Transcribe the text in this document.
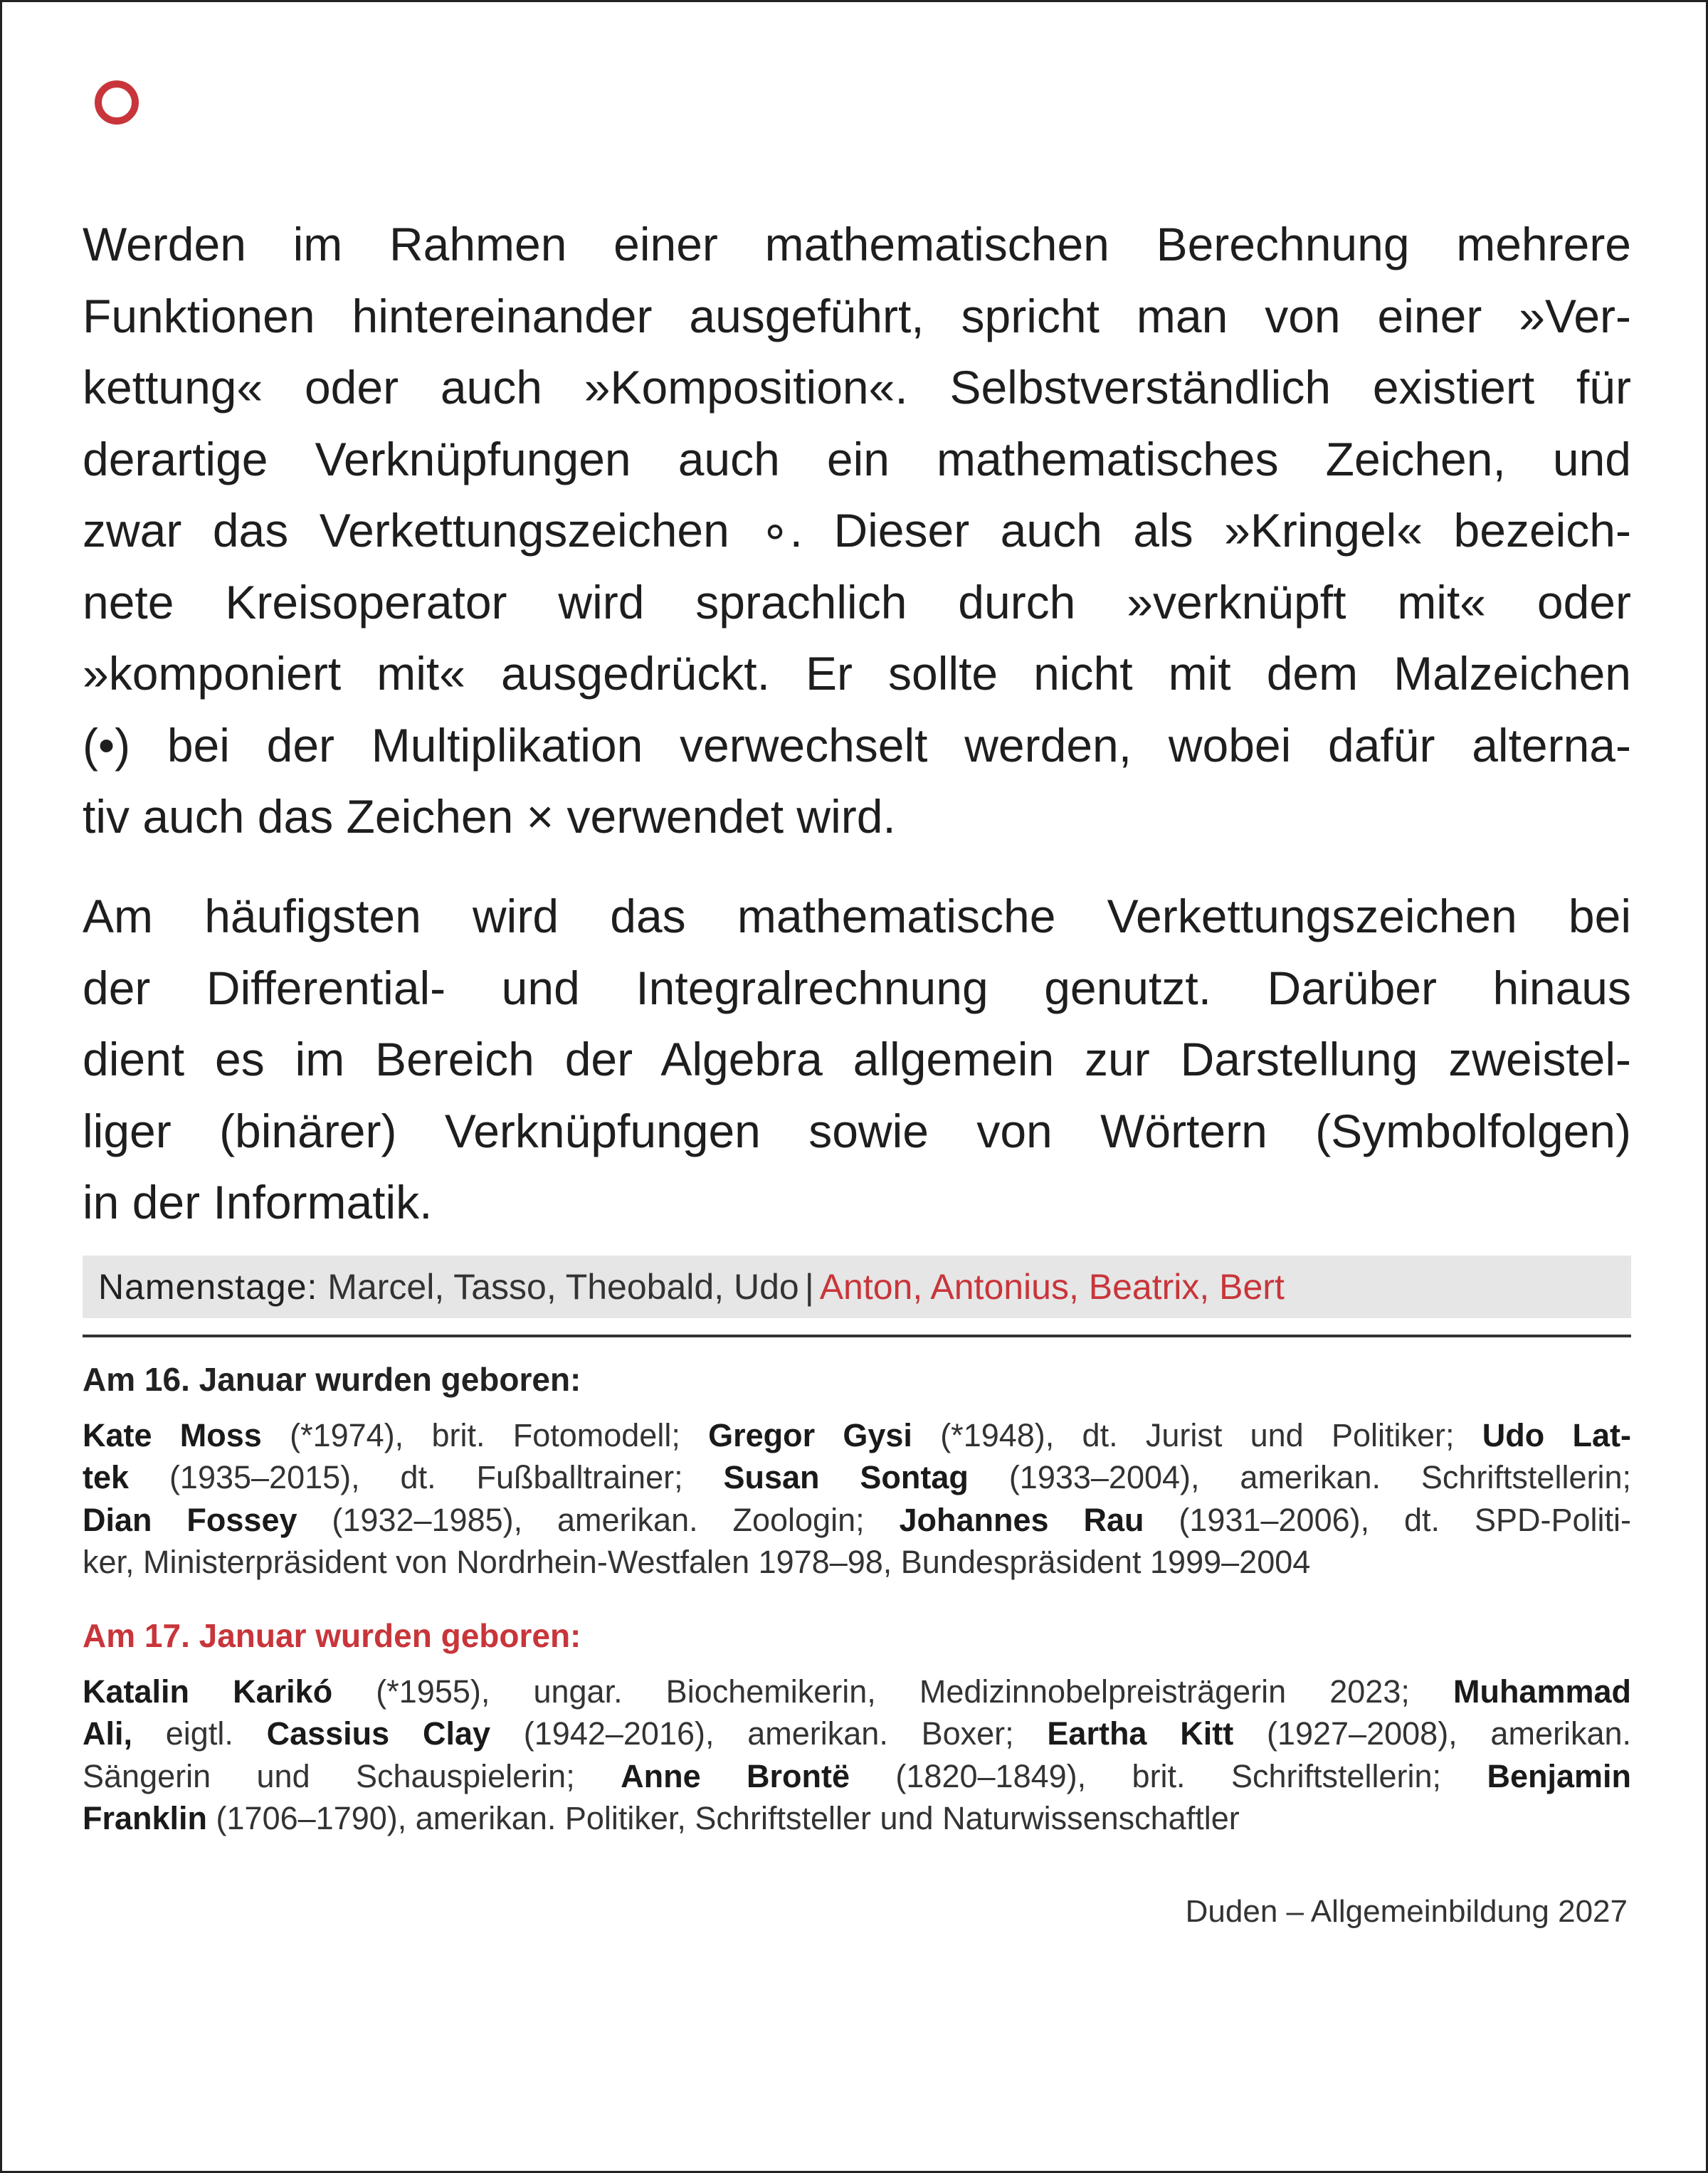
Werden im Rahmen einer mathematischen Berechnung mehrere
Funktionen hintereinander ausgeführt, spricht man von einer »Ver-
kettung« oder auch »Komposition«. Selbstverständlich existiert für
derartige Verknüpfungen auch ein mathematisches Zeichen, und
zwar das Verkettungszeichen ∘. Dieser auch als »Kringel« bezeich-
nete Kreisoperator wird sprachlich durch »verknüpft mit« oder
»komponiert mit« ausgedrückt. Er sollte nicht mit dem Malzeichen
(•) bei der Multiplikation verwechselt werden, wobei dafür alterna-
tiv auch das Zeichen × verwendet wird.
Am häufigsten wird das mathematische Verkettungszeichen bei
der Differential- und Integralrechnung genutzt. Darüber hinaus
dient es im Bereich der Algebra allgemein zur Darstellung zweistel-
liger (binärer) Verknüpfungen sowie von Wörtern (Symbolfolgen)
in der Informatik.
Namenstage: Marcel, Tasso, Theobald, Udo | Anton, Antonius, Beatrix, Bert
Am 16. Januar wurden geboren:
Kate Moss (*1974), brit. Fotomodell; Gregor Gysi (*1948), dt. Jurist und Politiker; Udo Lat-
tek (1935–2015), dt. Fußballtrainer; Susan Sontag (1933–2004), amerikan. Schriftstellerin;
Dian Fossey (1932–1985), amerikan. Zoologin; Johannes Rau (1931–2006), dt. SPD-Politi-
ker, Ministerpräsident von Nordrhein-Westfalen 1978–98, Bundespräsident 1999–2004
Am 17. Januar wurden geboren:
Katalin Karikó (*1955), ungar. Biochemikerin, Medizinnobelpreisträgerin 2023; Muhammad
Ali, eigtl. Cassius Clay (1942–2016), amerikan. Boxer; Eartha Kitt (1927–2008), amerikan.
Sängerin und Schauspielerin; Anne Brontë (1820–1849), brit. Schriftstellerin; Benjamin
Franklin (1706–1790), amerikan. Politiker, Schriftsteller und Naturwissenschaftler
Duden – Allgemeinbildung 2027
